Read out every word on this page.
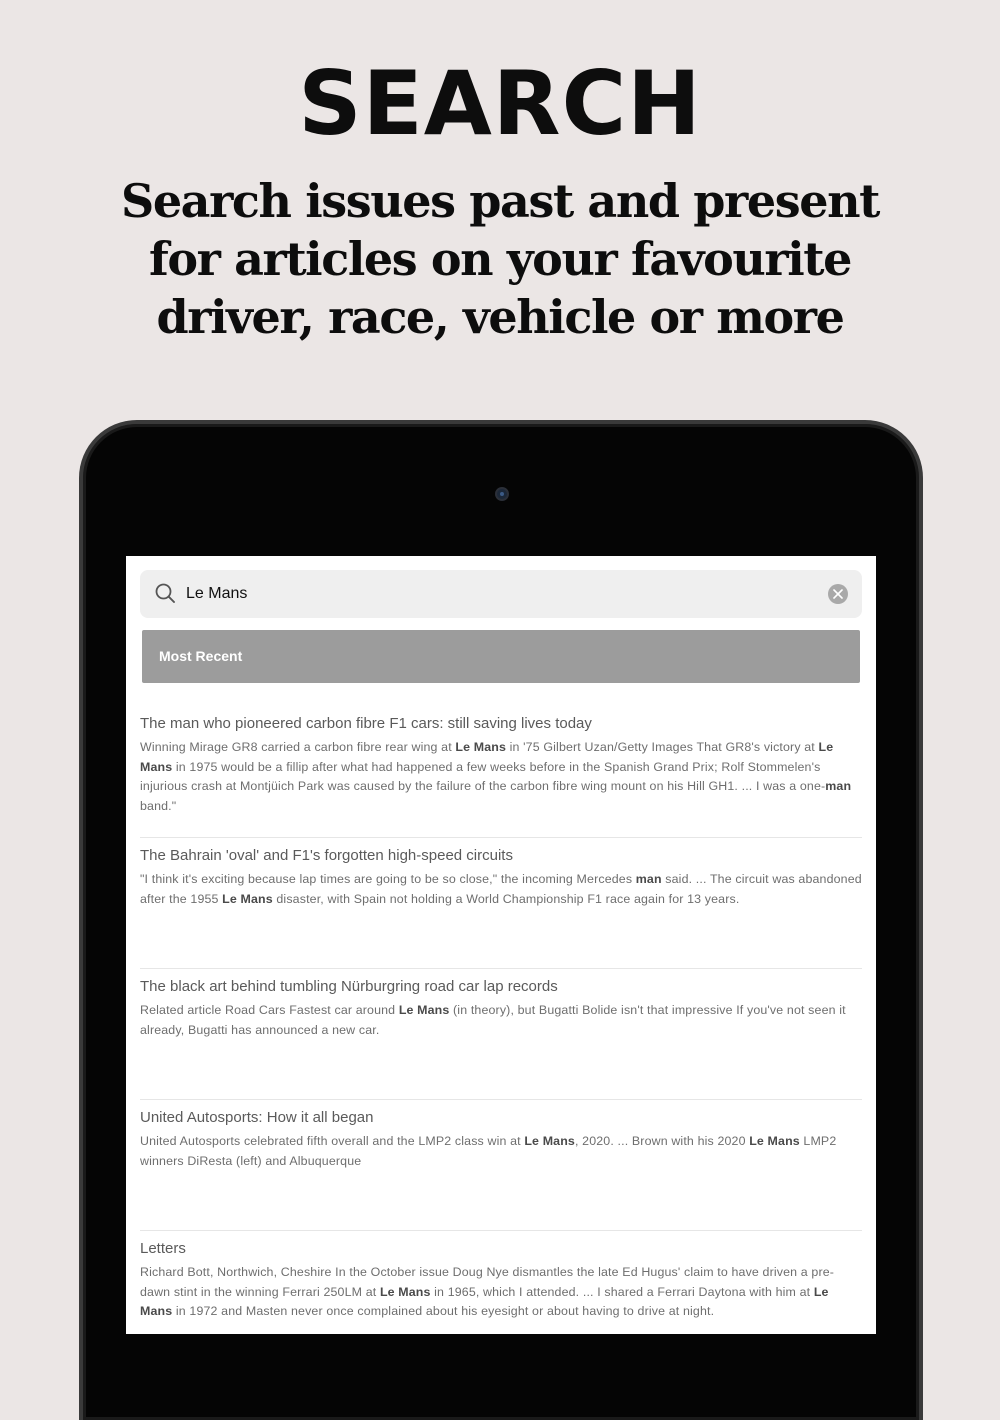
SEARCH
Search issues past and present for articles on your favourite driver, race, vehicle or more
Le Mans
Most Recent
The man who pioneered carbon fibre F1 cars: still saving lives today
Winning Mirage GR8 carried a carbon fibre rear wing at Le Mans in '75 Gilbert Uzan/Getty Images That GR8's victory at Le Mans in 1975 would be a fillip after what had happened a few weeks before in the Spanish Grand Prix; Rolf Stommelen's injurious crash at Montjüich Park was caused by the failure of the carbon fibre wing mount on his Hill GH1. ... I was a one-man band."
The Bahrain 'oval' and F1's forgotten high-speed circuits
"I think it's exciting because lap times are going to be so close," the incoming Mercedes man said. ... The circuit was abandoned after the 1955 Le Mans disaster, with Spain not holding a World Championship F1 race again for 13 years.
The black art behind tumbling Nürburgring road car lap records
Related article Road Cars Fastest car around Le Mans (in theory), but Bugatti Bolide isn't that impressive If you've not seen it already, Bugatti has announced a new car.
United Autosports: How it all began
United Autosports celebrated fifth overall and the LMP2 class win at Le Mans, 2020. ... Brown with his 2020 Le Mans LMP2 winners DiResta (left) and Albuquerque
Letters
Richard Bott, Northwich, Cheshire In the October issue Doug Nye dismantles the late Ed Hugus' claim to have driven a pre-dawn stint in the winning Ferrari 250LM at Le Mans in 1965, which I attended. ... I shared a Ferrari Daytona with him at Le Mans in 1972 and Masten never once complained about his eyesight or about having to drive at night.
